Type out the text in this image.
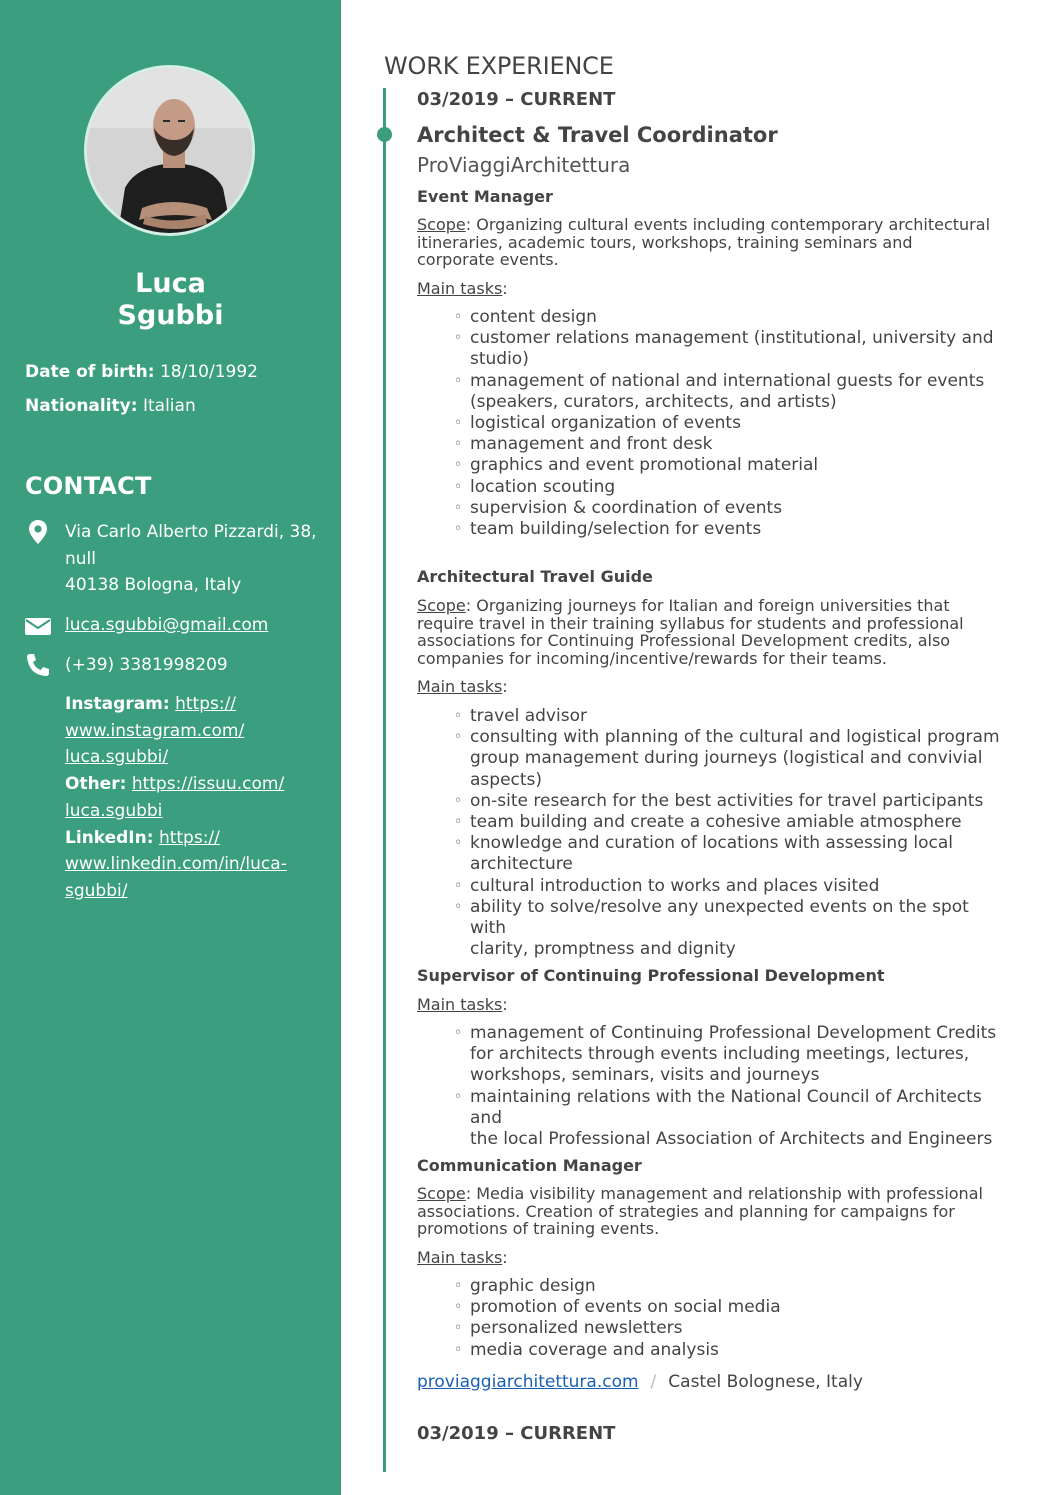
Luca
Sgubbi
Date of birth: 18/10/1992
Nationality: Italian
CONTACT
Via Carlo Alberto Pizzardi, 38,
null
40138 Bologna, Italy
luca.sgubbi@gmail.com
(+39) 3381998209
Instagram: https://
www.instagram.com/
luca.sgubbi/
Other: https://issuu.com/
luca.sgubbi
LinkedIn: https://
www.linkedin.com/in/luca-
sgubbi/
WORK EXPERIENCE
03/2019 – CURRENT
Architect & Travel Coordinator
ProViaggiArchitettura
Event Manager
Scope: Organizing cultural events including contemporary architectural
itineraries, academic tours, workshops, training seminars and
corporate events.
Main tasks:
◦ content design
◦ customer relations management (institutional, university and
studio)
◦ management of national and international guests for events
(speakers, curators, architects, and artists)
◦ logistical organization of events
◦ management and front desk
◦ graphics and event promotional material
◦ location scouting
◦ supervision & coordination of events
◦ team building/selection for events
Architectural Travel Guide
Scope: Organizing journeys for Italian and foreign universities that
require travel in their training syllabus for students and professional
associations for Continuing Professional Development credits, also
companies for incoming/incentive/rewards for their teams.
Main tasks:
◦ travel advisor
◦ consulting with planning of the cultural and logistical program
group management during journeys (logistical and convivial
aspects)
◦ on-site research for the best activities for travel participants
◦ team building and create a cohesive amiable atmosphere
◦ knowledge and curation of locations with assessing local
architecture
◦ cultural introduction to works and places visited
◦ ability to solve/resolve any unexpected events on the spot with
clarity, promptness and dignity
Supervisor of Continuing Professional Development
Main tasks:
◦ management of Continuing Professional Development Credits
for architects through events including meetings, lectures,
workshops, seminars, visits and journeys
◦ maintaining relations with the National Council of Architects and
the local Professional Association of Architects and Engineers
Communication Manager
Scope: Media visibility management and relationship with professional
associations. Creation of strategies and planning for campaigns for
promotions of training events.
Main tasks:
◦ graphic design
◦ promotion of events on social media
◦ personalized newsletters
◦ media coverage and analysis
proviaggiarchitettura.com / Castel Bolognese, Italy
03/2019 – CURRENT
